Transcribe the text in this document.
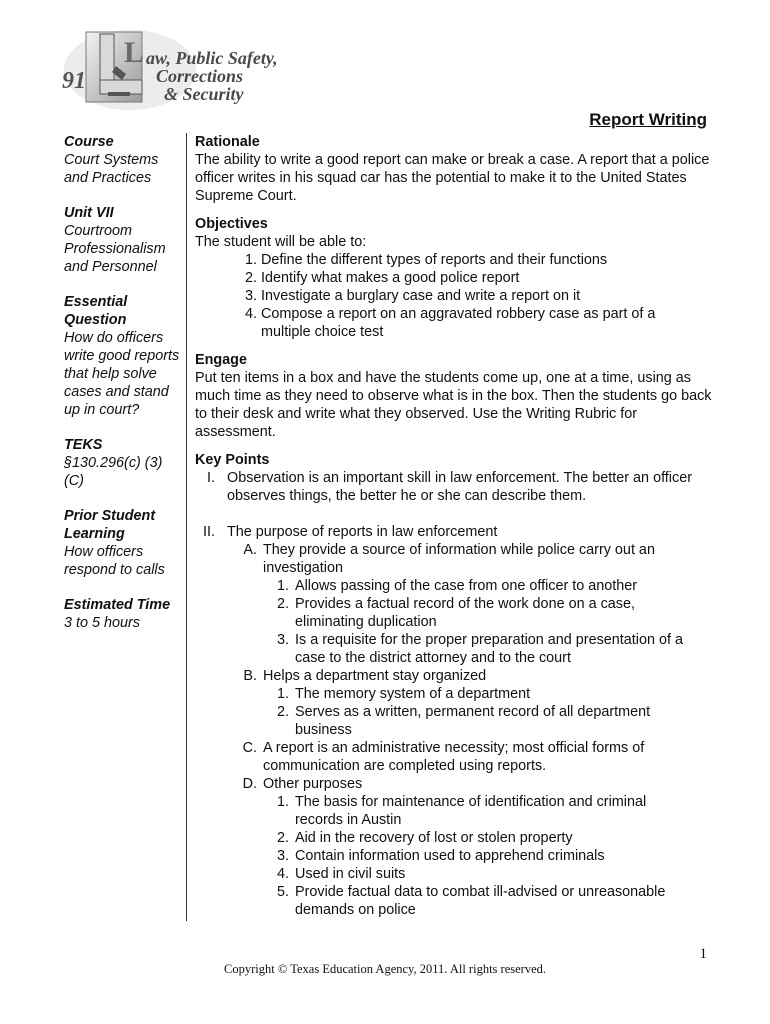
91
L aw, Public Safety,
Corrections
& Security
Report Writing
Course
Court Systems and Practices
Unit VII
Courtroom Professionalism and Personnel
Essential Question
How do officers write good reports that help solve cases and stand up in court?
TEKS
§130.296(c) (3)(C)
Prior Student Learning
How officers respond to calls
Estimated Time
3 to 5 hours
Rationale

The ability to write a good report can make or break a case. A report that a police officer writes in his squad car has the potential to make it to the United States Supreme Court.

Objectives

The student will be able to:

1. Define the different types of reports and their functions
2. Identify what makes a good police report
3. Investigate a burglary case and write a report on it
4. Compose a report on an aggravated robbery case as part of a multiple choice test
Engage

Put ten items in a box and have the students come up, one at a time, using as much time as they need to observe what is in the box. Then the students go back to their desk and write what they observed. Use the Writing Rubric for assessment.

Key Points
I. Observation is an important skill in law enforcement. The better an officer observes things, the better he or she can describe them.
II. The purpose of reports in law enforcement
A. They provide a source of information while police carry out an investigation
1. Allows passing of the case from one officer to another
2. Provides a factual record of the work done on a case, eliminating duplication
3. Is a requisite for the proper preparation and presentation of a case to the district attorney and to the court
B. Helps a department stay organized
1. The memory system of a department
2. Serves as a written, permanent record of all department business
C. A report is an administrative necessity; most official forms of communication are completed using reports.
D. Other purposes
1. The basis for maintenance of identification and criminal records in Austin
2. Aid in the recovery of lost or stolen property
3. Contain information used to apprehend criminals
4. Used in civil suits
5. Provide factual data to combat ill-advised or unreasonable demands on police
1
Copyright © Texas Education Agency, 2011. All rights reserved.
